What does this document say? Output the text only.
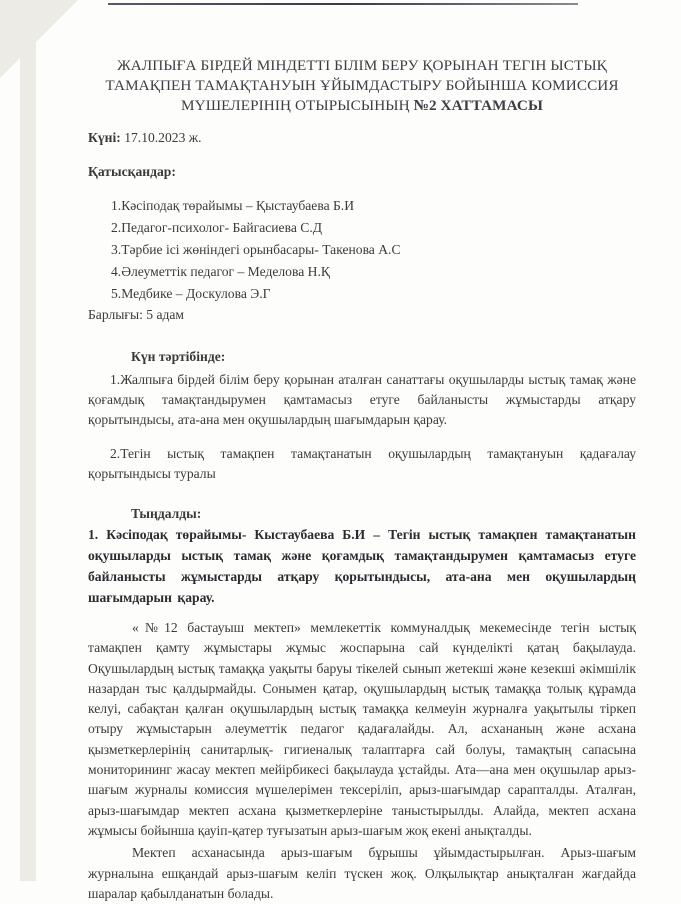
ЖАЛПЫҒА БІРДЕЙ МІНДЕТТІ БІЛІМ БЕРУ ҚОРЫНАН ТЕГІН ЫСТЫҚ
ТАМАҚПЕН ТАМАҚТАНУЫН ҰЙЫМДАСТЫРУ БОЙЫНША КОМИССИЯ
МҮШЕЛЕРІНІҢ ОТЫРЫСЫНЫҢ №2 ХАТТАМАСЫ
Күні: 17.10.2023 ж.
Қатысқандар:
1.Кәсіподақ төрайымы – Қыстаубаева Б.И
2.Педагог-психолог- Байгасиева С.Д
3.Тәрбие ісі жөніндегі орынбасары- Такенова А.С
4.Әлеуметтік педагог – Меделова Н.Қ
5.Медбике – Доскулова Э.Г
Барлығы: 5 адам
Күн тәртібінде:
1.Жалпыға бірдей білім беру қорынан аталған санаттағы оқушыларды ыстық тамақ және қоғамдық тамақтандырумен қамтамасыз етуге байланысты жұмыстарды атқару қорытындысы, ата-ана мен оқушылардың шағымдарын қарау.
2.Тегін ыстық тамақпен тамақтанатын оқушылардың тамақтануын қадағалау қорытындысы туралы
Тыңдалды:
1. Кәсіподақ төрайымы- Кыстаубаева Б.И – Тегін ыстық тамақпен тамақтанатын оқушыларды ыстық тамақ және қоғамдық тамақтандырумен қамтамасыз етуге байланысты жұмыстарды атқару қорытындысы, ата-ана мен оқушылардың шағымдарын қарау.
«№12 бастауыш мектеп» мемлекеттік коммуналдық мекемесінде тегін ыстық тамақпен қамту жұмыстары жұмыс жоспарына сай күнделікті қатаң бақылауда. Оқушылардың ыстық тамаққа уақыты баруы тікелей сынып жетекші және кезекші әкімшілік назардан тыс қалдырмайды. Сонымен қатар, оқушылардың ыстық тамаққа толық құрамда келуі, сабақтан қалған оқушылардың ыстық тамаққа келмеуін журналға уақытылы тіркеп отыру жұмыстарын әлеуметтік педагог қадағалайды. Ал, асхананың және асхана қызметкерлерінің санитарлық- гигиеналық талаптарға сай болуы, тамақтың сапасына мониторининг жасау мектеп мейірбикесі бақылауда ұстайды. Ата—ана мен оқушылар арыз-шағым журналы комиссия мүшелерімен тексеріліп, арыз-шағымдар сарапталды. Аталған, арыз-шағымдар мектеп асхана қызметкерлеріне таныстырылды. Алайда, мектеп асхана жұмысы бойынша қауіп-қатер туғызатын арыз-шағым жоқ екені анықталды.
Мектеп асханасында арыз-шағым бұрышы ұйымдастырылған. Арыз-шағым журналына ешқандай арыз-шағым келіп түскен жоқ. Олқылықтар анықталған жағдайда шаралар қабылданатын болады.
